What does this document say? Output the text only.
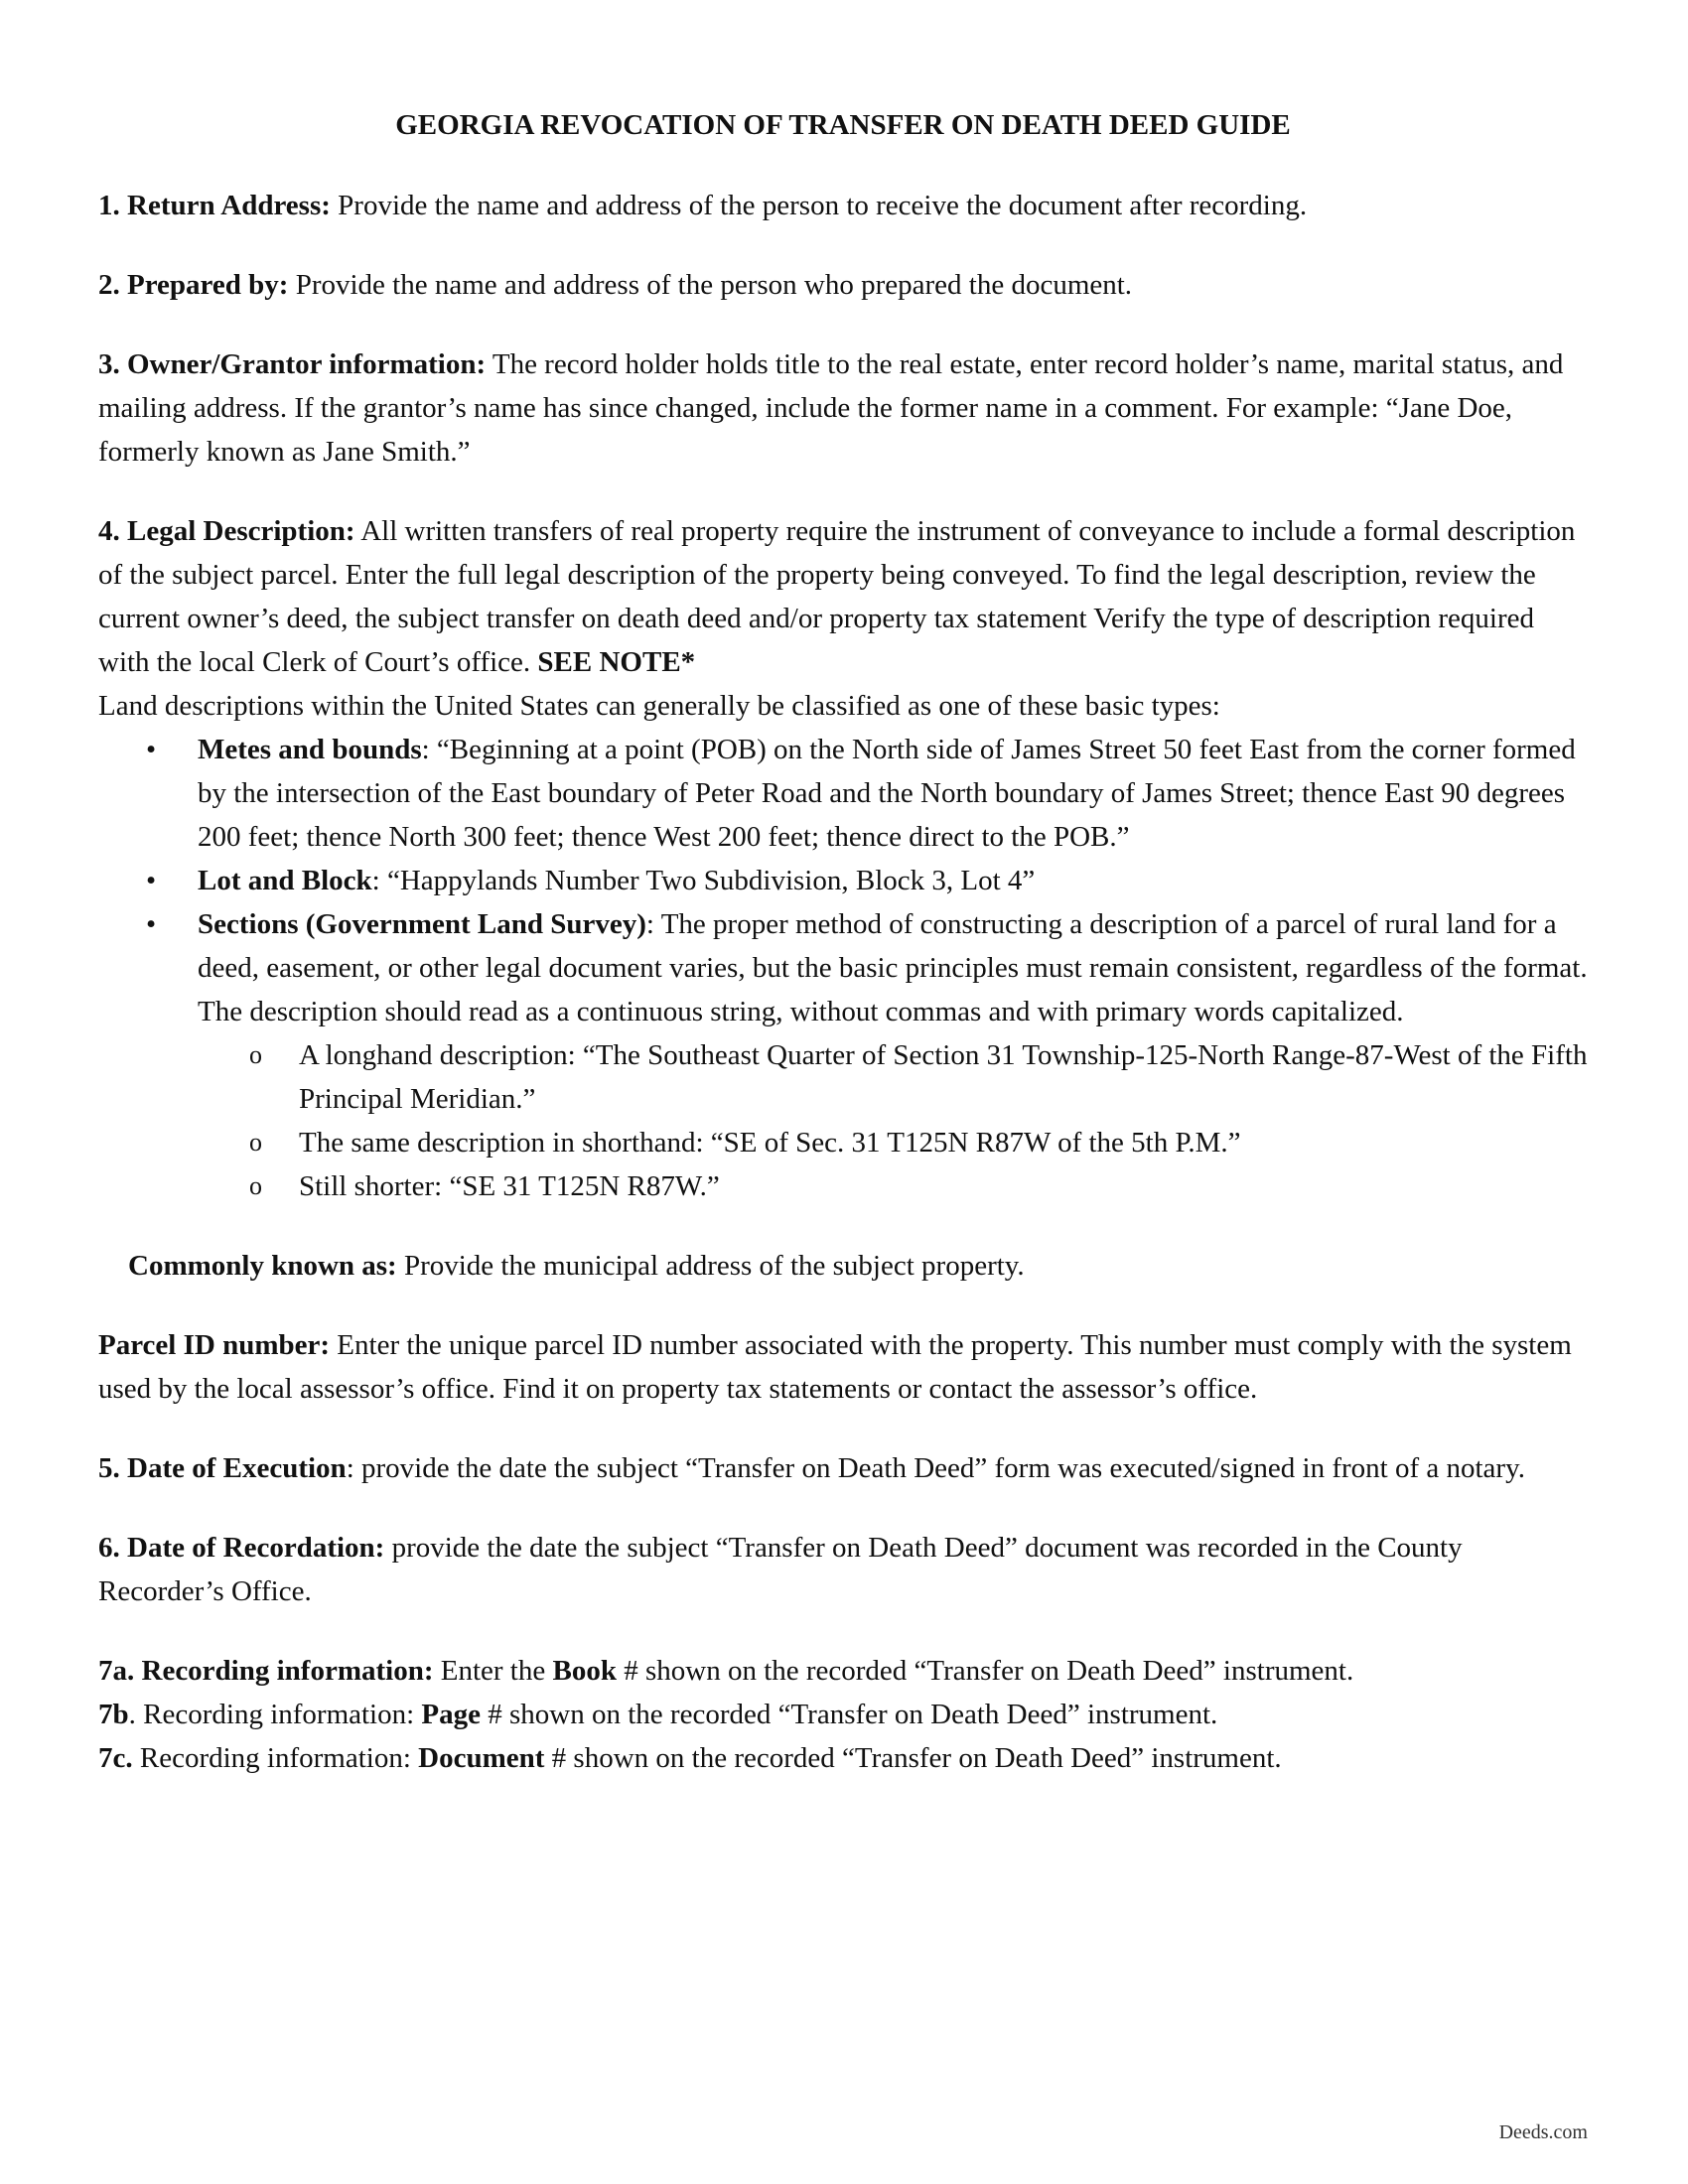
GEORGIA REVOCATION OF TRANSFER ON DEATH DEED GUIDE

1. Return Address: Provide the name and address of the person to receive the document after recording.

2. Prepared by: Provide the name and address of the person who prepared the document.

3. Owner/Grantor information: The record holder holds title to the real estate, enter record holder’s name, marital status, and mailing address. If the grantor’s name has since changed, include the former name in a comment. For example: “Jane Doe, formerly known as Jane Smith.”

4. Legal Description: All written transfers of real property require the instrument of conveyance to include a formal description of the subject parcel. Enter the full legal description of the property being conveyed. To find the legal description, review the current owner’s deed, the subject transfer on death deed and/or property tax statement Verify the type of description required with the local Clerk of Court’s office. SEE NOTE*
Land descriptions within the United States can generally be classified as one of these basic types:

• Metes and bounds: “Beginning at a point (POB) on the North side of James Street 50 feet East from the corner formed by the intersection of the East boundary of Peter Road and the North boundary of James Street; thence East 90 degrees 200 feet; thence North 300 feet; thence West 200 feet; thence direct to the POB.”
• Lot and Block: “Happylands Number Two Subdivision, Block 3, Lot 4”
• Sections (Government Land Survey): The proper method of constructing a description of a parcel of rural land for a deed, easement, or other legal document varies, but the basic principles must remain consistent, regardless of the format. The description should read as a continuous string, without commas and with primary words capitalized.
o A longhand description: “The Southeast Quarter of Section 31 Township-125-North Range-87-West of the Fifth Principal Meridian.”
o The same description in shorthand: “SE of Sec. 31 T125N R87W of the 5th P.M.”
o Still shorter: “SE 31 T125N R87W.”

Commonly known as: Provide the municipal address of the subject property.

Parcel ID number: Enter the unique parcel ID number associated with the property. This number must comply with the system used by the local assessor’s office. Find it on property tax statements or contact the assessor’s office.

5. Date of Execution: provide the date the subject “Transfer on Death Deed” form was executed/signed in front of a notary.

6. Date of Recordation: provide the date the subject “Transfer on Death Deed” document was recorded in the County Recorder’s Office.

7a. Recording information: Enter the Book # shown on the recorded “Transfer on Death Deed” instrument.

7b. Recording information: Page # shown on the recorded “Transfer on Death Deed” instrument.

7c. Recording information: Document # shown on the recorded “Transfer on Death Deed” instrument.

Deeds.com
